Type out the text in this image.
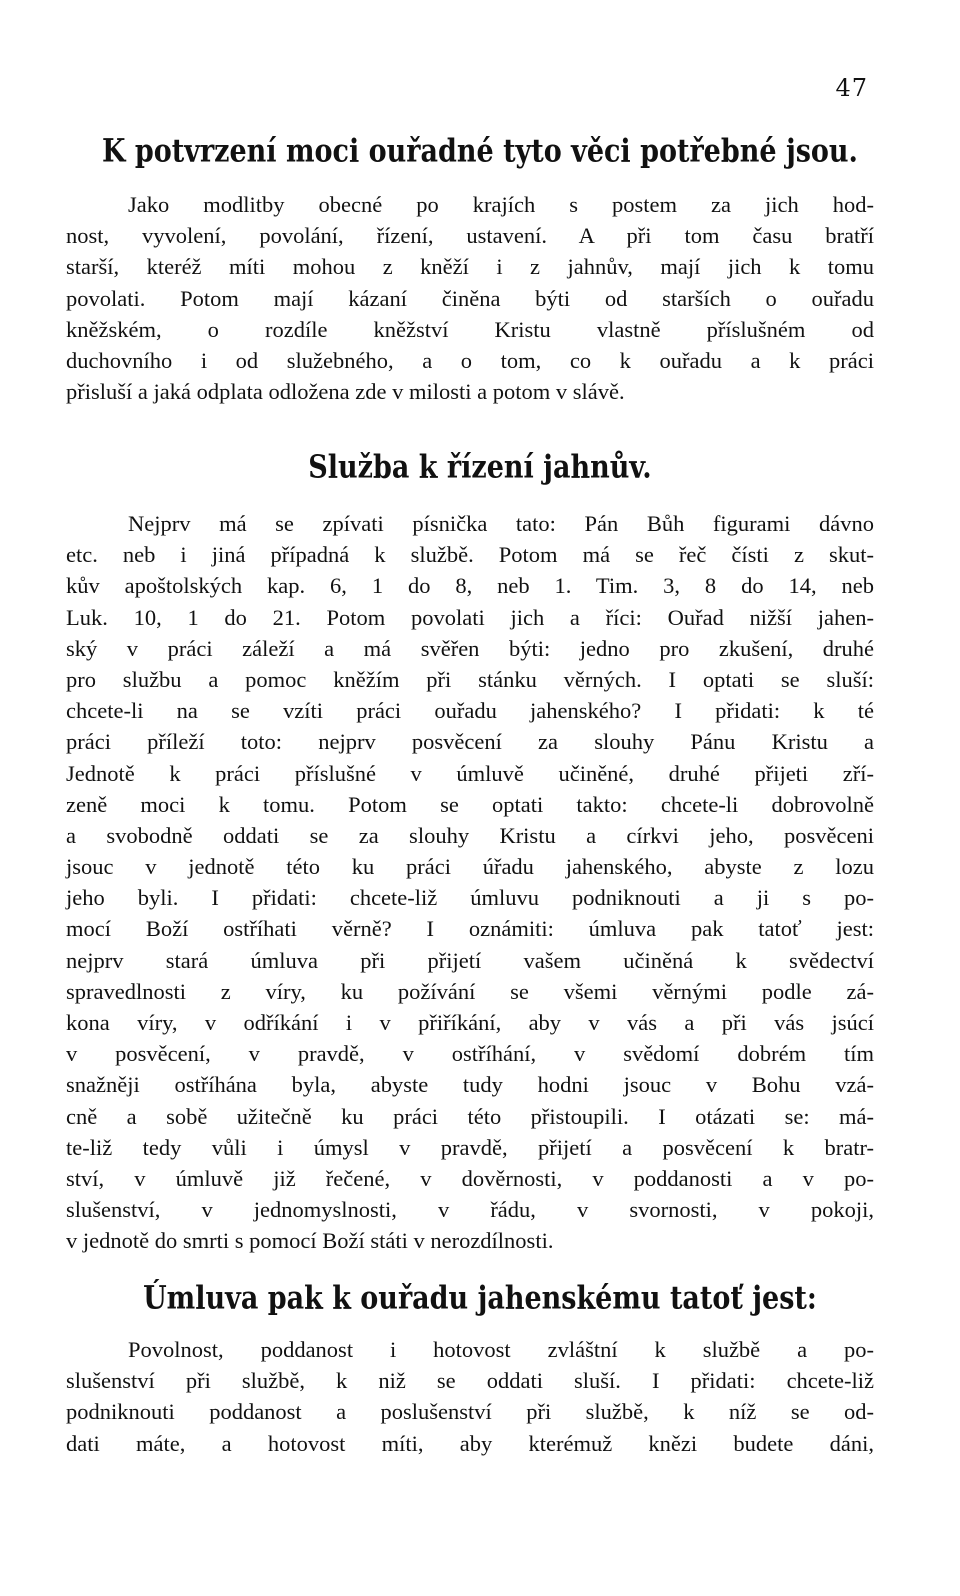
47
K potvrzení moci ouřadné tyto věci potřebné jsou.
Jako modlitby obecné po krajích s postem za jich hod-
nost, vyvolení, povolání, řízení, ustavení. A při tom času bratří
starší, kteréž míti mohou z kněží i z jahnův, mají jich k tomu
povolati. Potom mají kázaní činěna býti od starších o ouřadu
kněžském, o rozdíle kněžství Kristu vlastně příslušném od
duchovního i od služebného, a o tom, co k ouřadu a k práci
přisluší a jaká odplata odložena zde v milosti a potom v slávě.
Služba k řízení jahnův.
Nejprv má se zpívati písnička tato: Pán Bůh figurami dávno
etc. neb i jiná případná k službě. Potom má se řeč čísti z skut-
kův apoštolských kap. 6, 1 do 8, neb 1. Tim. 3, 8 do 14, neb
Luk. 10, 1 do 21. Potom povolati jich a říci: Ouřad nižší jahen-
ský v práci záleží a má svěřen býti: jedno pro zkušení, druhé
pro službu a pomoc kněžím při stánku věrných. I optati se sluší:
chcete-li na se vzíti práci ouřadu jahenského? I přidati: k té
práci příleží toto: nejprv posvěcení za slouhy Pánu Kristu a
Jednotě k práci příslušné v úmluvě učiněné, druhé přijeti zří-
zeně moci k tomu. Potom se optati takto: chcete-li dobrovolně
a svobodně oddati se za slouhy Kristu a církvi jeho, posvěceni
jsouc v jednotě této ku práci úřadu jahenského, abyste z lozu
jeho byli. I přidati: chcete-liž úmluvu podniknouti a ji s po-
mocí Boží ostříhati věrně? I oznámiti: úmluva pak tatoť jest:
nejprv stará úmluva při přijetí vašem učiněná k svědectví
spravedlnosti z víry, ku požívání se všemi věrnými podle zá-
kona víry, v odříkání i v přiříkání, aby v vás a při vás jsúcí
v posvěcení, v pravdě, v ostříhání, v svědomí dobrém tím
snažněji ostříhána byla, abyste tudy hodni jsouc v Bohu vzá-
cně a sobě užitečně ku práci této přistoupili. I otázati se: má-
te-liž tedy vůli i úmysl v pravdě, přijetí a posvěcení k bratr-
ství, v úmluvě již řečené, v dověrnosti, v poddanosti a v po-
slušenství, v jednomyslnosti, v řádu, v svornosti, v pokoji,
v jednotě do smrti s pomocí Boží státi v nerozdílnosti.
Úmluva pak k ouřadu jahenskému tatoť jest:
Povolnost, poddanost i hotovost zvláštní k službě a po-
slušenství při službě, k niž se oddati sluší. I přidati: chcete-liž
podniknouti poddanost a poslušenství při službě, k níž se od-
dati máte, a hotovost míti, aby kterémuž knězi budete dáni,
